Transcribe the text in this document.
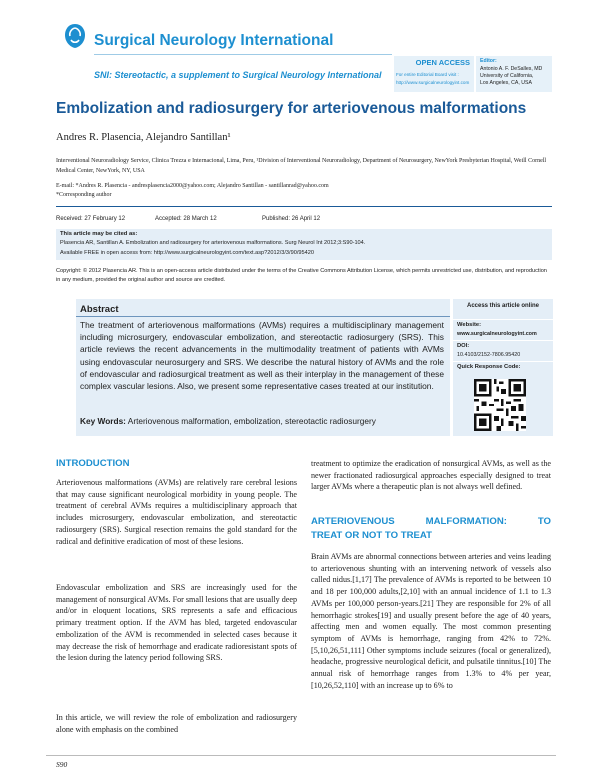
Surgical Neurology International
SNI: Stereotactic, a supplement to Surgical Neurology International
OPEN ACCESS
For entire Editorial Board visit :
http://www.surgicalneurologyint.com
Editor:
Antonio A. F. DeSalles, MD
University of California,
Los Angeles, CA, USA
Embolization and radiosurgery for arteriovenous malformations
Andres R. Plasencia, Alejandro Santillan¹
Interventional Neuroradiology Service, Clinica Trezza e Internacional, Lima, Peru, ¹Division of Interventional Neuroradiology, Department of Neurosurgery, NewYork Presbyterian Hospital, Weill Cornell Medical Center, NewYork, NY, USA
E-mail: *Andres R. Plasencia - andresplasencia2000@yahoo.com; Alejandro Santillan - santillanrad@yahoo.com
*Corresponding author
Received: 27 February 12	Accepted: 28 March 12	Published: 26 April 12
This article may be cited as:
Plasencia AR, Santillan A. Embolization and radiosurgery for arteriovenous malformations. Surg Neurol Int 2012;3:S90-104.
Available FREE in open access from: http://www.surgicalneurologyint.com/text.asp?2012/3/3/90/95420
Copyright: © 2012 Plasencia AR. This is an open-access article distributed under the terms of the Creative Commons Attribution License, which permits unrestricted use, distribution, and reproduction in any medium, provided the original author and source are credited.
Abstract
The treatment of arteriovenous malformations (AVMs) requires a multidisciplinary management including microsurgery, endovascular embolization, and stereotactic radiosurgery (SRS). This article reviews the recent advancements in the multimodality treatment of patients with AVMs using endovascular neurosurgery and SRS. We describe the natural history of AVMs and the role of endovascular and radiosurgical treatment as well as their interplay in the management of these complex vascular lesions. Also, we present some representative cases treated at our institution.
Key Words: Arteriovenous malformation, embolization, stereotactic radiosurgery
Access this article online
Website:
www.surgicalneurologyint.com
DOI:
10.4103/2152-7806.95420
Quick Response Code:
INTRODUCTION
Arteriovenous malformations (AVMs) are relatively rare cerebral lesions that may cause significant neurological morbidity in young people. The treatment of cerebral AVMs requires a multidisciplinary approach that includes microsurgery, endovascular embolization, and stereotactic radiosurgery (SRS). Surgical resection remains the gold standard for the radical and definitive eradication of most of these lesions.
Endovascular embolization and SRS are increasingly used for the management of nonsurgical AVMs. For small lesions that are usually deep and/or in eloquent locations, SRS represents a safe and efficacious primary treatment option. If the AVM has bled, targeted endovascular embolization of the AVM is recommended in selected cases because it may decrease the risk of hemorrhage and eradicate radioresistant spots of the lesion during the latency period following SRS.
In this article, we will review the role of embolization and radiosurgery alone with emphasis on the combined
treatment to optimize the eradication of nonsurgical AVMs, as well as the newer fractionated radiosurgical approaches especially designed to treat larger AVMs where a therapeutic plan is not always well defined.
ARTERIOVENOUS MALFORMATION: TO
TREAT OR NOT TO TREAT
Brain AVMs are abnormal connections between arteries and veins leading to arteriovenous shunting with an intervening network of vessels also called nidus.[1,17] The prevalence of AVMs is reported to be between 10 and 18 per 100,000 adults,[2,10] with an annual incidence of 1.1 to 1.3 AVMs per 100,000 person-years.[21] They are responsible for 2% of all hemorrhagic strokes[19] and usually present before the age of 40 years, affecting men and women equally. The most common presenting symptom of AVMs is hemorrhage, ranging from 42% to 72%.[5,10,26,51,111] Other symptoms include seizures (focal or generalized), headache, progressive neurological deficit, and pulsatile tinnitus.[10] The annual risk of hemorrhage ranges from 1.3% to 4% per year,[10,26,52,110] with an increase up to 6% to
S90
